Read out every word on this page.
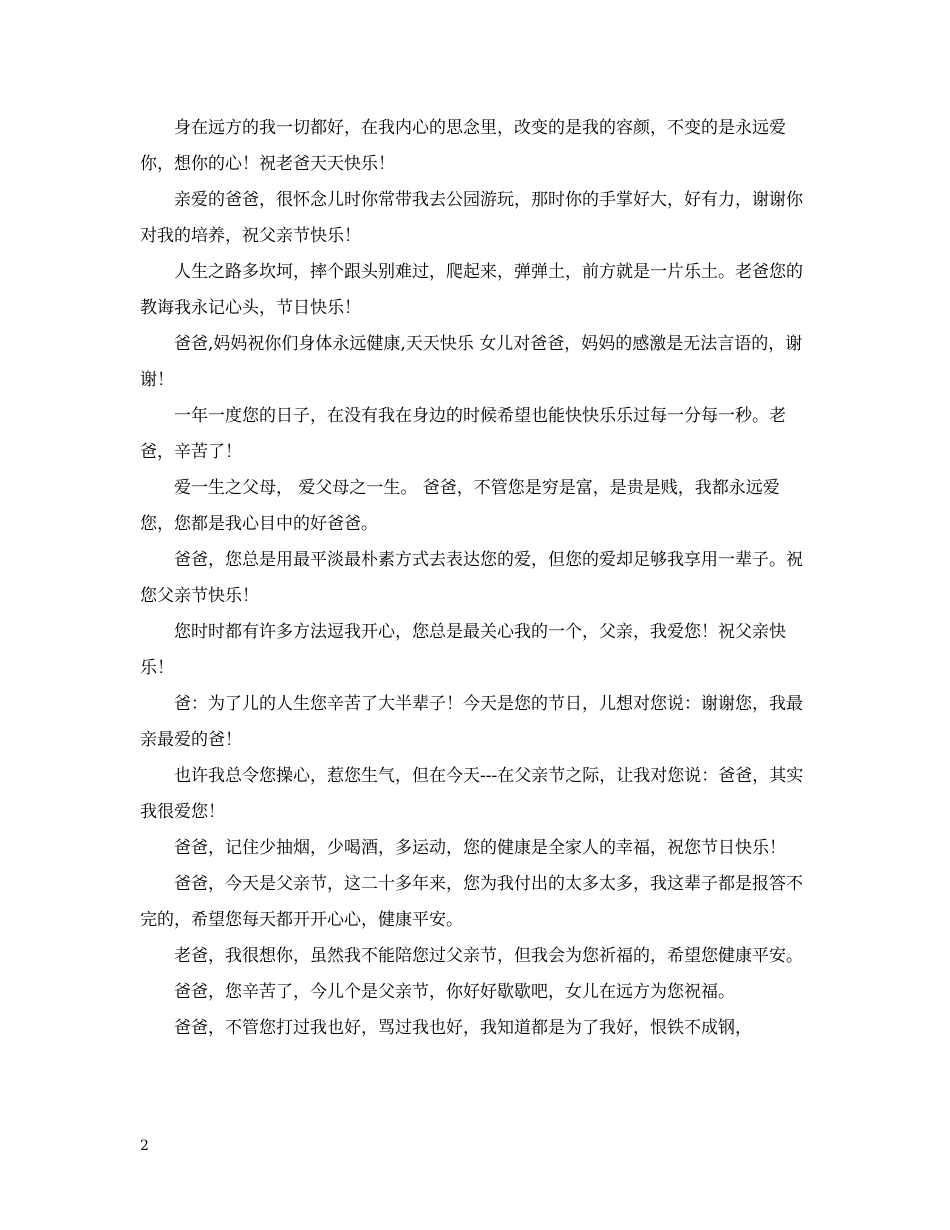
身在远方的我一切都好，在我内心的思念里，改变的是我的容颜，不变的是永远爱你，想你的心！祝老爸天天快乐！

亲爱的爸爸，很怀念儿时你常带我去公园游玩，那时你的手掌好大，好有力，谢谢你对我的培养，祝父亲节快乐！

人生之路多坎坷，摔个跟头别难过，爬起来，弹弹土，前方就是一片乐土。老爸您的教诲我永记心头，节日快乐！

爸爸,妈妈祝你们身体永远健康,天天快乐 女儿对爸爸，妈妈的感激是无法言语的，谢谢！

一年一度您的日子，在没有我在身边的时候希望也能快快乐乐过每一分每一秒。老爸，辛苦了！

爱一生之父母， 爱父母之一生。 爸爸，不管您是穷是富，是贵是贱，我都永远爱您，您都是我心目中的好爸爸。

爸爸，您总是用最平淡最朴素方式去表达您的爱，但您的爱却足够我享用一辈子。祝您父亲节快乐！

您时时都有许多方法逗我开心，您总是最关心我的一个，父亲，我爱您！祝父亲快乐！

爸：为了儿的人生您辛苦了大半辈子！今天是您的节日，儿想对您说：谢谢您，我最亲最爱的爸！

也许我总令您操心，惹您生气，但在今天---在父亲节之际，让我对您说：爸爸，其实我很爱您！

爸爸，记住少抽烟，少喝酒，多运动，您的健康是全家人的幸福，祝您节日快乐！

爸爸，今天是父亲节，这二十多年来，您为我付出的太多太多，我这辈子都是报答不完的，希望您每天都开开心心，健康平安。

老爸，我很想你，虽然我不能陪您过父亲节，但我会为您祈福的，希望您健康平安。

爸爸，您辛苦了，今儿个是父亲节，你好好歇歇吧，女儿在远方为您祝福。

爸爸，不管您打过我也好，骂过我也好，我知道都是为了我好，恨铁不成钢，

2
